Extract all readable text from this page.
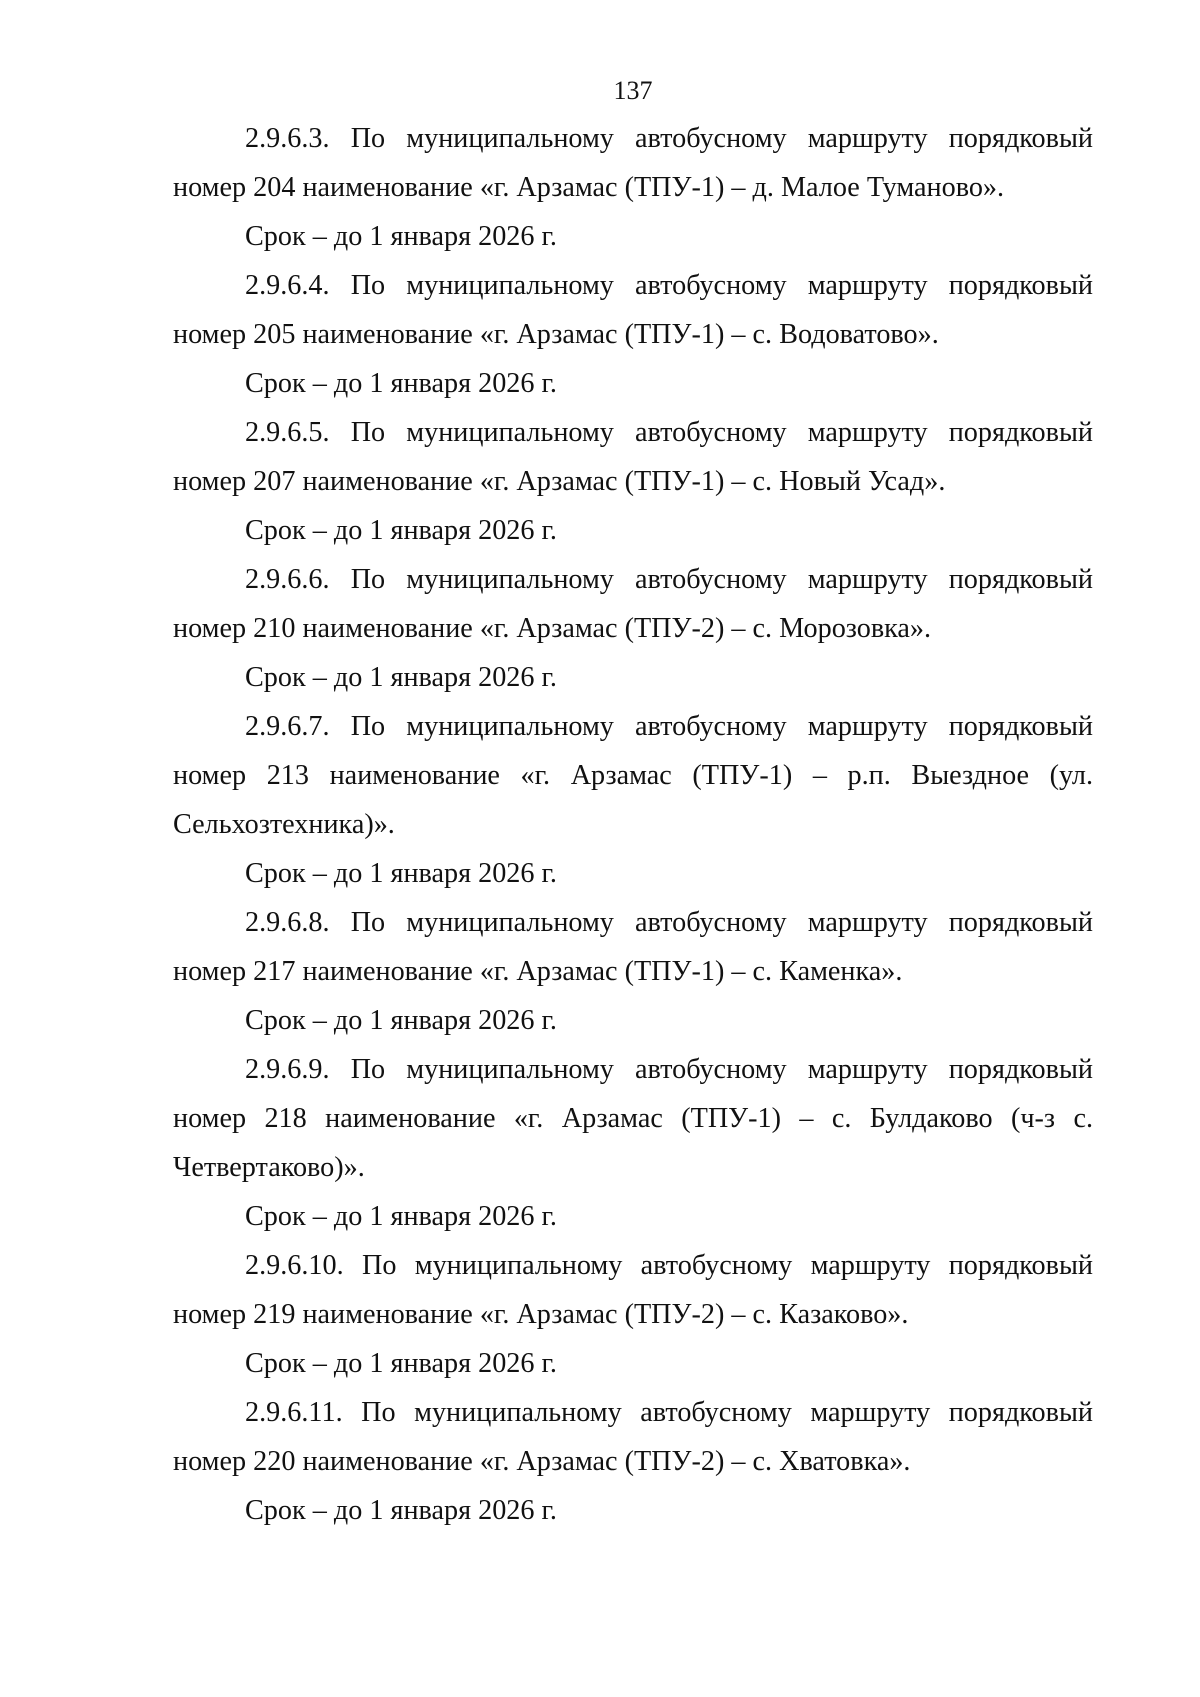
137

2.9.6.3. По муниципальному автобусному маршруту порядковый номер 204 наименование «г. Арзамас (ТПУ-1) – д. Малое Туманово».

Срок – до 1 января 2026 г.

2.9.6.4. По муниципальному автобусному маршруту порядковый номер 205 наименование «г. Арзамас (ТПУ-1) – с. Водоватово».

Срок – до 1 января 2026 г.

2.9.6.5. По муниципальному автобусному маршруту порядковый номер 207 наименование «г. Арзамас (ТПУ-1) – с. Новый Усад».

Срок – до 1 января 2026 г.

2.9.6.6. По муниципальному автобусному маршруту порядковый номер 210 наименование «г. Арзамас (ТПУ-2) – с. Морозовка».

Срок – до 1 января 2026 г.

2.9.6.7. По муниципальному автобусному маршруту порядковый номер 213 наименование «г. Арзамас (ТПУ-1) – р.п. Выездное (ул. Сельхозтехника)».

Срок – до 1 января 2026 г.

2.9.6.8. По муниципальному автобусному маршруту порядковый номер 217 наименование «г. Арзамас (ТПУ-1) – с. Каменка».

Срок – до 1 января 2026 г.

2.9.6.9. По муниципальному автобусному маршруту порядковый номер 218 наименование «г. Арзамас (ТПУ-1) – с. Булдаково (ч-з с. Четвертаково)».

Срок – до 1 января 2026 г.

2.9.6.10. По муниципальному автобусному маршруту порядковый номер 219 наименование «г. Арзамас (ТПУ-2) – с. Казаково».

Срок – до 1 января 2026 г.

2.9.6.11. По муниципальному автобусному маршруту порядковый номер 220 наименование «г. Арзамас (ТПУ-2) – с. Хватовка».

Срок – до 1 января 2026 г.
